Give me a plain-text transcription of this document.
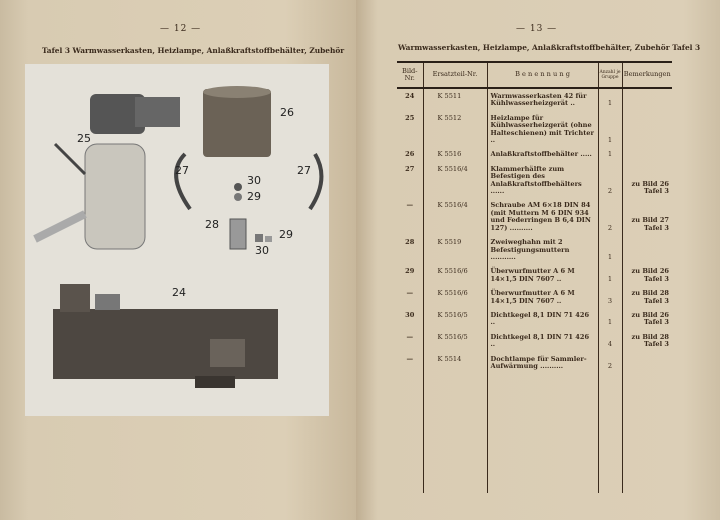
— 12 —
Tafel 3 Warmwasserkasten, Heizlampe, Anlaßkraftstoffbehälter, Zubehör
25
26
27	27
30
29
28
29
30
24
— 13 —
Warmwasserkasten, Heizlampe, Anlaßkraftstoffbehälter, Zubehör Tafel 3
Bild-Nr.	Ersatzteil-Nr.	B e n e n n u n g	Anzahl je Gruppe	Bemerkungen
24	K 5511	Warmwasserkasten 42 für Kühlwasserheizgerät ..	1	
25	K 5512	Heizlampe für Kühlwasserheizgerät (ohne Halteschienen) mit Trichter ..	1	
26	K 5516	Anlaßkraftstoffbehälter .....	1	
27	K 5516/4	Klammerhälfte zum Befestigen des Anlaßkraftstoffbehälters ......	2	zu Bild 26 Tafel 3
—	K 5516/4	Schraube AM 6×18 DIN 84 (mit Muttern M 6 DIN 934 und Federringen B 6,4 DIN 127) ..........	2	zu Bild 27 Tafel 3
28	K 5519	Zweiweghahn mit 2 Befestigungsmuttern ...........	1	
29	K 5516/6	Überwurfmutter A 6 M 14×1,5 DIN 7607 ..	1	zu Bild 26 Tafel 3
—	K 5516/6	Überwurfmutter A 6 M 14×1,5 DIN 7607 ..	3	zu Bild 28 Tafel 3
30	K 5516/5	Dichtkegel 8,1 DIN 71 426 ..	1	zu Bild 26 Tafel 3
—	K 5516/5	Dichtkegel 8,1 DIN 71 426 ..	4	zu Bild 28 Tafel 3
—	K 5514	Dochtlampe für Sammler-Aufwärmung ..........	2	
